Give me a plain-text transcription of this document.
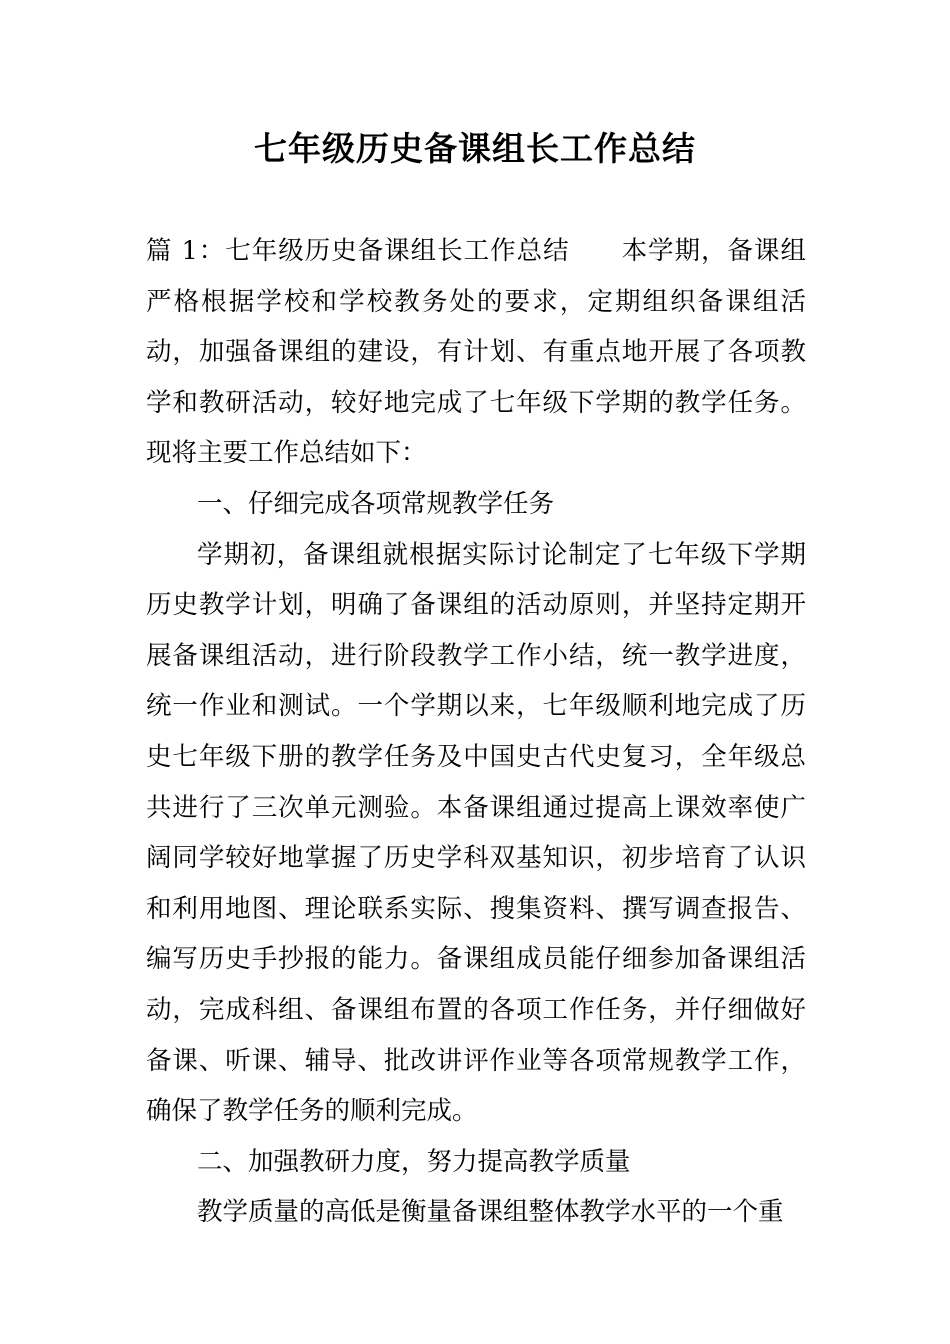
七年级历史备课组长工作总结

篇 1：七年级历史备课组长工作总结 本学期，备课组严格根据学校和学校教务处的要求，定期组织备课组活动，加强备课组的建设，有计划、有重点地开展了各项教学和教研活动，较好地完成了七年级下学期的教学任务。现将主要工作总结如下：

一、仔细完成各项常规教学任务

学期初，备课组就根据实际讨论制定了七年级下学期历史教学计划，明确了备课组的活动原则，并坚持定期开展备课组活动，进行阶段教学工作小结，统一教学进度，统一作业和测试。一个学期以来，七年级顺利地完成了历史七年级下册的教学任务及中国史古代史复习，全年级总共进行了三次单元测验。本备课组通过提高上课效率使广阔同学较好地掌握了历史学科双基知识，初步培育了认识和利用地图、理论联系实际、搜集资料、撰写调查报告、编写历史手抄报的能力。备课组成员能仔细参加备课组活动，完成科组、备课组布置的各项工作任务，并仔细做好备课、听课、辅导、批改讲评作业等各项常规教学工作，确保了教学任务的顺利完成。

二、加强教研力度，努力提高教学质量

教学质量的高低是衡量备课组整体教学水平的一个重
